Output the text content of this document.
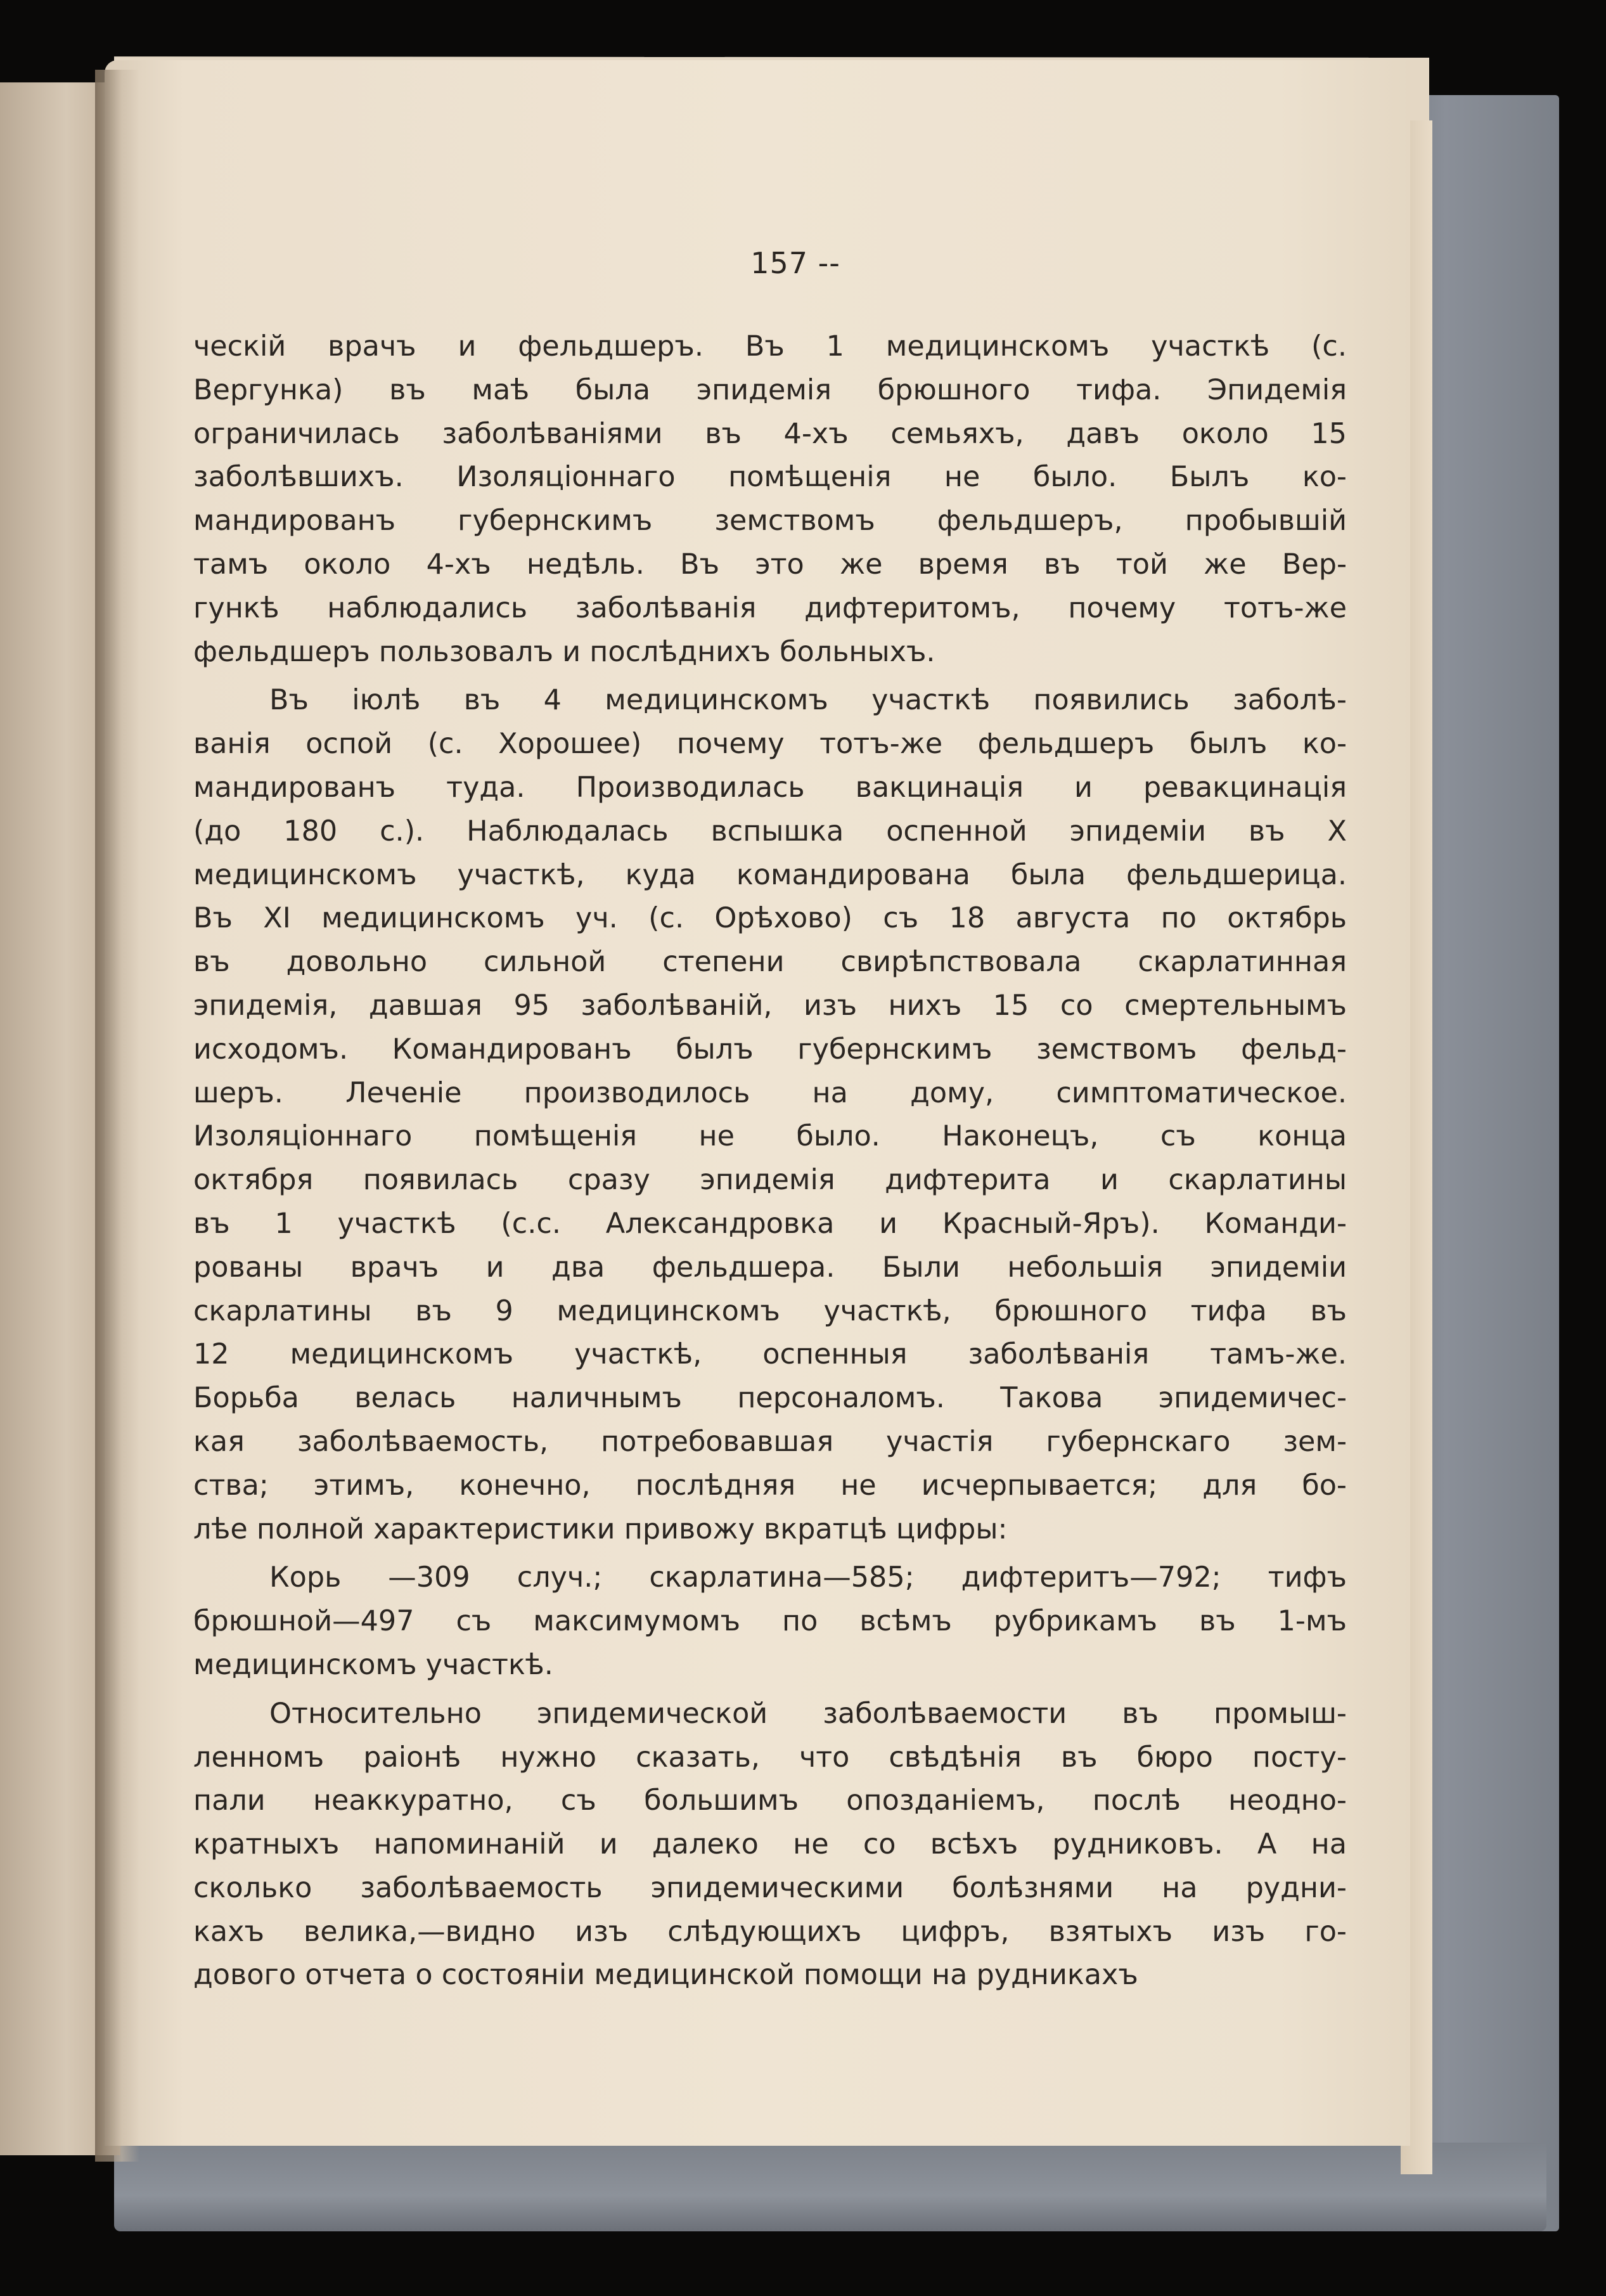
157 --
ческій врачъ и фельдшеръ. Въ 1 медицинскомъ участкѣ (с.
Вергунка) въ маѣ была эпидемія брюшного тифа. Эпидемія
ограничилась заболѣваніями въ 4-хъ семьяхъ, давъ около 15
заболѣвшихъ. Изоляціоннаго помѣщенія не было. Былъ ко-
мандированъ губернскимъ земствомъ фельдшеръ, пробывшій
тамъ около 4-хъ недѣль. Въ это же время въ той же Вер-
гункѣ наблюдались заболѣванія дифтеритомъ, почему тотъ-же
фельдшеръ пользовалъ и послѣднихъ больныхъ.
Въ іюлѣ въ 4 медицинскомъ участкѣ появились заболѣ-
ванія оспой (с. Хорошее) почему тотъ-же фельдшеръ былъ ко-
мандированъ туда. Производилась вакцинація и ревакцинація
(до 180 с.). Наблюдалась вспышка оспенной эпидеміи въ X
медицинскомъ участкѣ, куда командирована была фельдшерица.
Въ XI медицинскомъ уч. (с. Орѣхово) съ 18 августа по октябрь
въ довольно сильной степени свирѣпствовала скарлатинная
эпидемія, давшая 95 заболѣваній, изъ нихъ 15 со смертельнымъ
исходомъ. Командированъ былъ губернскимъ земствомъ фельд-
шеръ. Леченіе производилось на дому, симптоматическое.
Изоляціоннаго помѣщенія не было. Наконецъ, съ конца
октября появилась сразу эпидемія дифтерита и скарлатины
въ 1 участкѣ (с.с. Александровка и Красный-Яръ). Команди-
рованы врачъ и два фельдшера. Были небольшія эпидеміи
скарлатины въ 9 медицинскомъ участкѣ, брюшного тифа въ
12 медицинскомъ участкѣ, оспенныя заболѣванія тамъ-же.
Борьба велась наличнымъ персоналомъ. Такова эпидемичес-
кая заболѣваемость, потребовавшая участія губернскаго зем-
ства; этимъ, конечно, послѣдняя не исчерпывается; для бо-
лѣе полной характеристики привожу вкратцѣ цифры:
Корь —309 случ.; скарлатина—585; дифтеритъ—792; тифъ
брюшной—497 съ максимумомъ по всѣмъ рубрикамъ въ 1-мъ
медицинскомъ участкѣ.
Относительно эпидемической заболѣваемости въ промыш-
ленномъ раіонѣ нужно сказать, что свѣдѣнія въ бюро посту-
пали неаккуратно, съ большимъ опозданіемъ, послѣ неодно-
кратныхъ напоминаній и далеко не со всѣхъ рудниковъ. А на
сколько заболѣваемость эпидемическими болѣзнями на рудни-
кахъ велика,—видно изъ слѣдующихъ цифръ, взятыхъ изъ го-
дового отчета о состояніи медицинской помощи на рудникахъ
